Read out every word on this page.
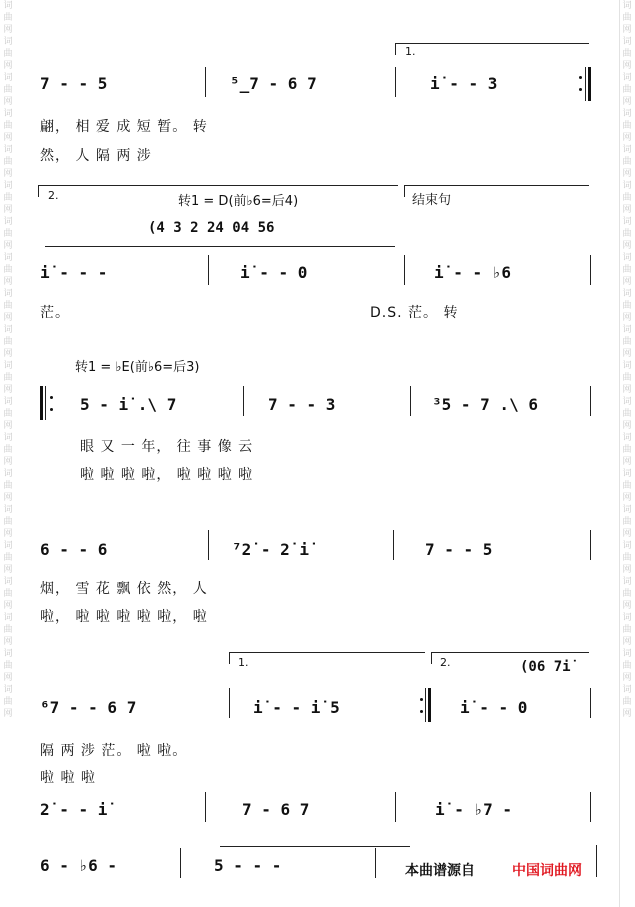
词曲网
词曲网
词曲网
词曲网
词曲网
词曲网
词曲网
词曲网
词曲网
词曲网
词曲网
词曲网
词曲网
词曲网
词曲网
词曲网
词曲网
词曲网
词曲网
词曲网
词曲网
词曲网
词曲网
词曲网
词曲网
词曲网
词曲网
词曲网
词曲网
词曲网
词曲网
词曲网
词曲网
词曲网
词曲网
词曲网
词曲网
词曲网
词曲网
词曲网
1.
7 - - 5	⁵̲7 - 6 7	i̇ - - 3
翩， 相 爱 成 短 暂。 转
然， 人 隔 两 涉
2.	转1 = D(前♭6=后4)	结束句
(4 3 2 24 04 56
i̇ - - -	i̇ - - 0	i̇ - - ♭6
茫。	D.S. 茫。 转
转1 = ♭E(前♭6=后3)
5 - i̇ .\ 7	7 - - 3	³5 - 7 .\ 6
眼 又 一 年， 往 事 像 云
啦 啦 啦 啦， 啦 啦 啦 啦
6 - - 6	⁷2̇ - 2̇ i̇	7 - - 5
烟， 雪 花 飘 依 然， 人
啦， 啦 啦 啦 啦 啦， 啦
1.	2.	(06 7i̇
⁶7 - - 6 7	i̇ - - i̇ 5	i̇ - - 0
隔 两 涉 茫。 啦 啦。
啦 啦 啦
2̇ - - i̇	7 - 6 7	i̇ - ♭7 -
6 - ♭6 -	5 - - -	本曲谱源自	中国词曲网
